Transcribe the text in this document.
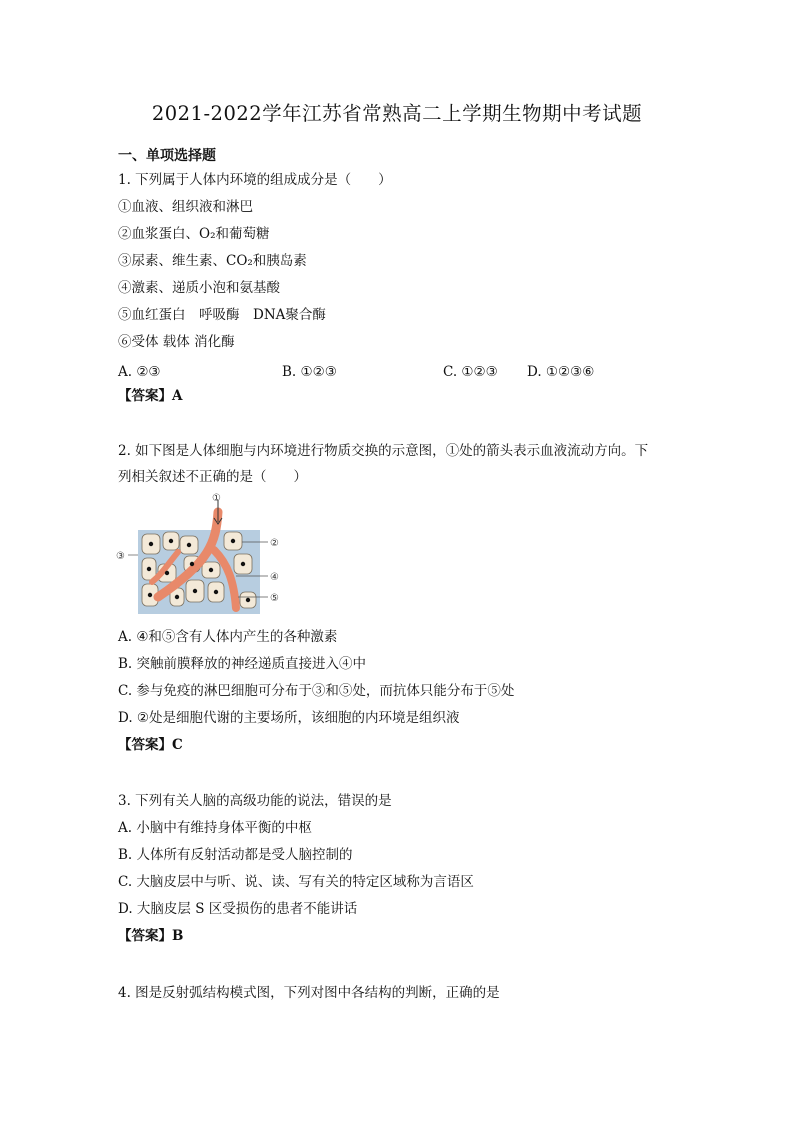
2021-2022学年江苏省常熟高二上学期生物期中考试题
一、单项选择题
1. 下列属于人体内环境的组成成分是（　　）
①血液、组织液和淋巴
②血浆蛋白、O₂和葡萄糖
③尿素、维生素、CO₂和胰岛素
④激素、递质小泡和氨基酸
⑤血红蛋白　呼吸酶　DNA聚合酶
⑥受体 载体 消化酶
A. ②③	B. ①②③	C. ①②③ D. ①②③⑥
【答案】A
2. 如下图是人体细胞与内环境进行物质交换的示意图，①处的箭头表示血液流动方向。下
列相关叙述不正确的是（　　）
①
②
③
④
⑤
A. ④和⑤含有人体内产生的各种激素
B. 突触前膜释放的神经递质直接进入④中
C. 参与免疫的淋巴细胞可分布于③和⑤处，而抗体只能分布于⑤处
D. ②处是细胞代谢的主要场所，该细胞的内环境是组织液
【答案】C
3. 下列有关人脑的高级功能的说法，错误的是
A. 小脑中有维持身体平衡的中枢
B. 人体所有反射活动都是受人脑控制的
C. 大脑皮层中与听、说、读、写有关的特定区域称为言语区
D. 大脑皮层 S 区受损伤的患者不能讲话
【答案】B
4. 图是反射弧结构模式图，下列对图中各结构的判断，正确的是
